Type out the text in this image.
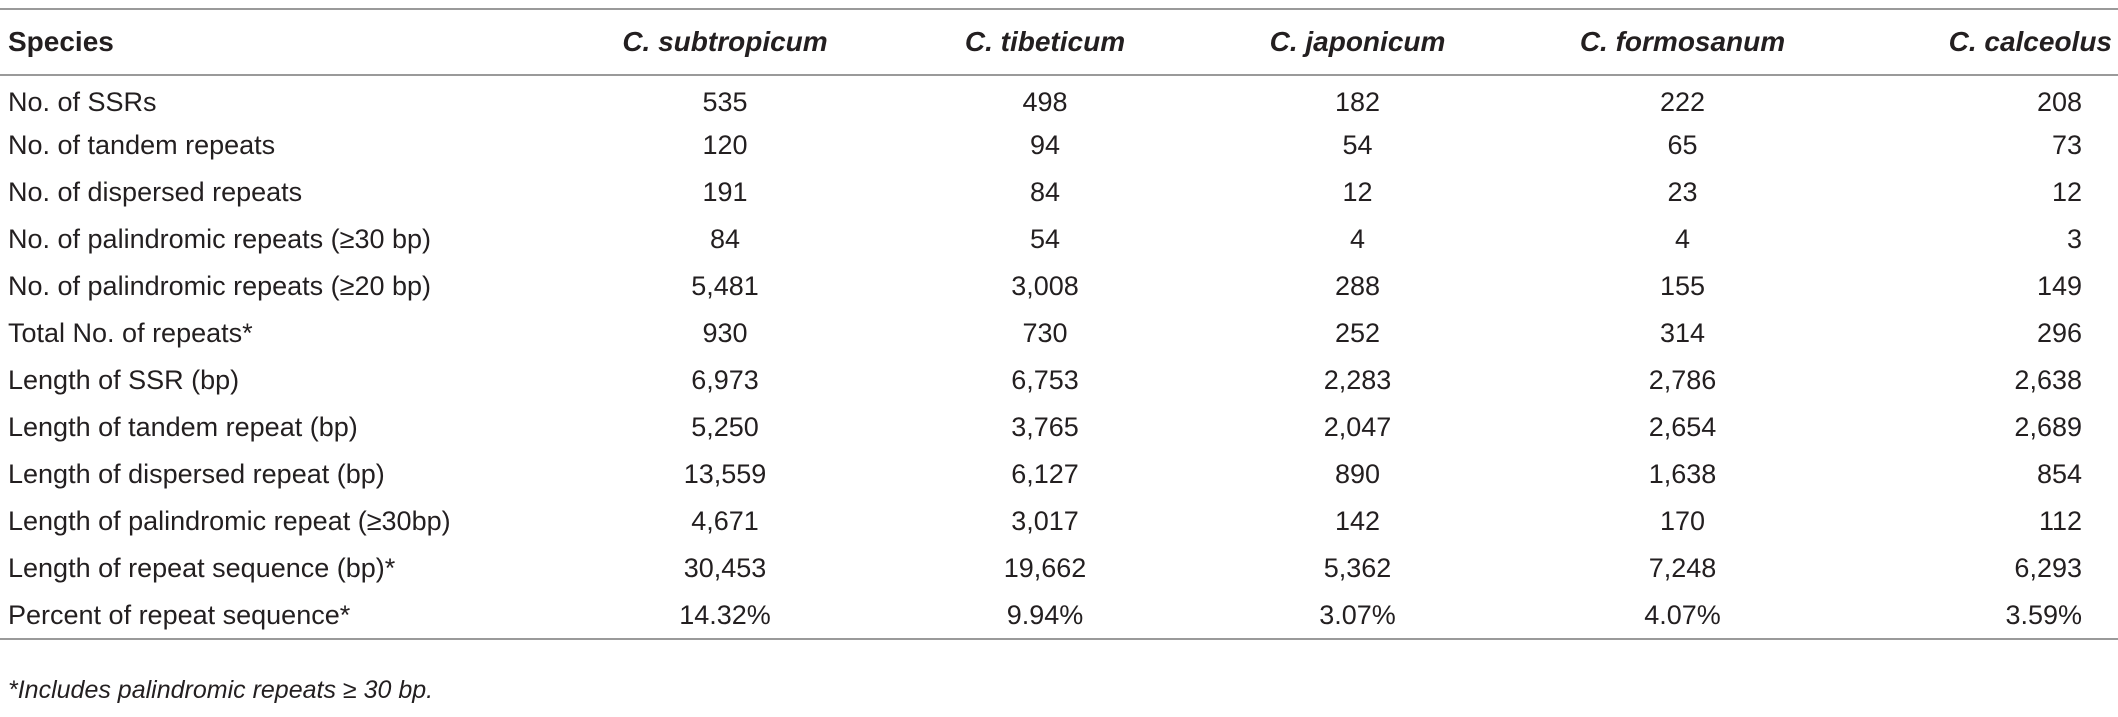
Species	C. subtropicum	C. tibeticum	C. japonicum	C. formosanum	C. calceolus
No. of SSRs	535	498	182	222	208
No. of tandem repeats	120	94	54	65	73
No. of dispersed repeats	191	84	12	23	12
No. of palindromic repeats (≥30 bp)	84	54	4	4	3
No. of palindromic repeats (≥20 bp)	5,481	3,008	288	155	149
Total No. of repeats*	930	730	252	314	296
Length of SSR (bp)	6,973	6,753	2,283	2,786	2,638
Length of tandem repeat (bp)	5,250	3,765	2,047	2,654	2,689
Length of dispersed repeat (bp)	13,559	6,127	890	1,638	854
Length of palindromic repeat (≥30bp)	4,671	3,017	142	170	112
Length of repeat sequence (bp)*	30,453	19,662	5,362	7,248	6,293
Percent of repeat sequence*	14.32%	9.94%	3.07%	4.07%	3.59%
*Includes palindromic repeats ≥ 30 bp.
